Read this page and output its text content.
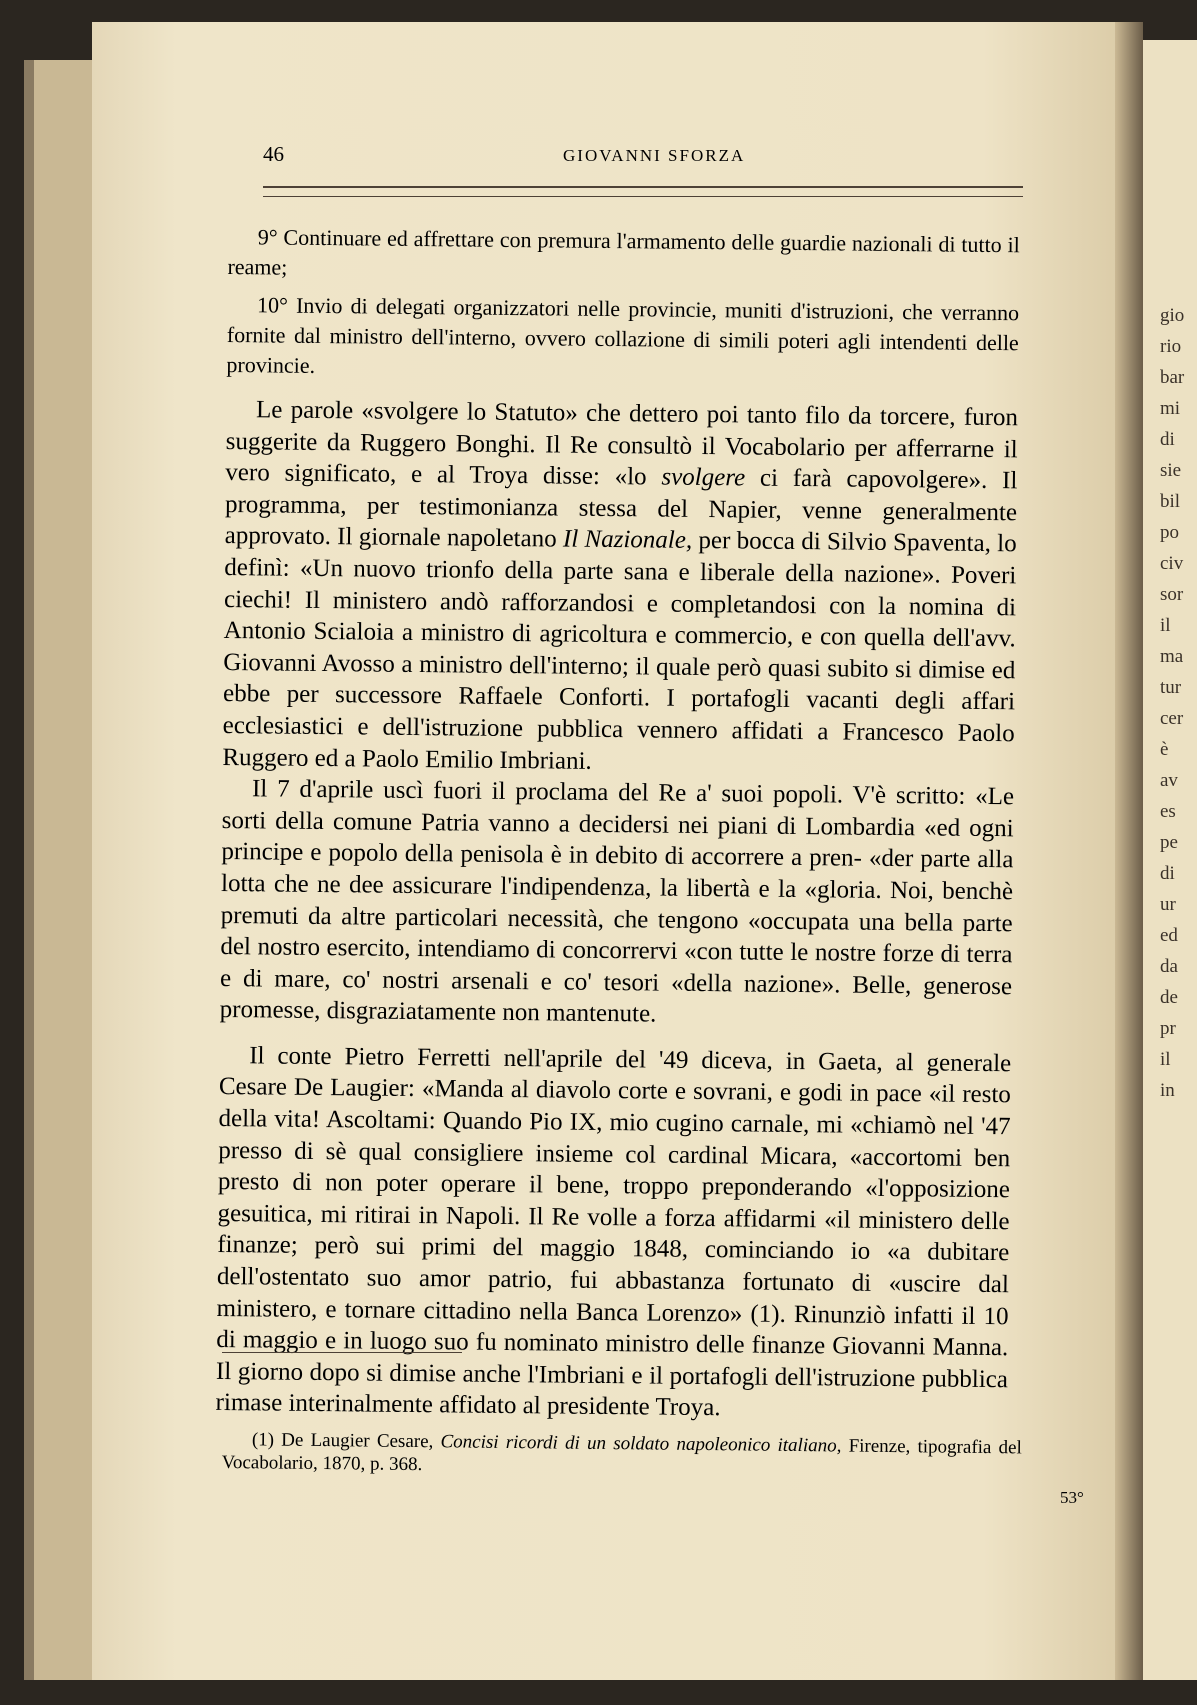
46	GIOVANNI SFORZA

9° Continuare ed affrettare con premura l'armamento delle guardie nazionali di tutto il reame;

10° Invio di delegati organizzatori nelle provincie, muniti d'istruzioni, che verranno fornite dal ministro dell'interno, ovvero collazione di simili poteri agli intendenti delle provincie.

Le parole «svolgere lo Statuto» che dettero poi tanto filo da torcere, furon suggerite da Ruggero Bonghi. Il Re consultò il Vocabolario per afferrarne il vero significato, e al Troya disse: «lo svolgere ci farà capovolgere». Il programma, per testimonianza stessa del Napier, venne generalmente approvato. Il giornale napoletano Il Nazionale, per bocca di Silvio Spaventa, lo definì: «Un nuovo trionfo della parte sana e liberale della nazione». Poveri ciechi! Il ministero andò rafforzandosi e completandosi con la nomina di Antonio Scialoia a ministro di agricoltura e commercio, e con quella dell'avv. Giovanni Avosso a ministro dell'interno; il quale però quasi subito si dimise ed ebbe per successore Raffaele Conforti. I portafogli vacanti degli affari ecclesiastici e dell'istruzione pubblica vennero affidati a Francesco Paolo Ruggero ed a Paolo Emilio Imbriani.

Il 7 d'aprile uscì fuori il proclama del Re a' suoi popoli. V'è scritto: «Le sorti della comune Patria vanno a decidersi nei piani di Lombardia «ed ogni principe e popolo della penisola è in debito di accorrere a pren- «der parte alla lotta che ne dee assicurare l'indipendenza, la libertà e la «gloria. Noi, benchè premuti da altre particolari necessità, che tengono «occupata una bella parte del nostro esercito, intendiamo di concorrervi «con tutte le nostre forze di terra e di mare, co' nostri arsenali e co' tesori «della nazione». Belle, generose promesse, disgraziatamente non mantenute.

Il conte Pietro Ferretti nell'aprile del '49 diceva, in Gaeta, al generale Cesare De Laugier: «Manda al diavolo corte e sovrani, e godi in pace «il resto della vita! Ascoltami: Quando Pio IX, mio cugino carnale, mi «chiamò nel '47 presso di sè qual consigliere insieme col cardinal Micara, «accortomi ben presto di non poter operare il bene, troppo preponderando «l'opposizione gesuitica, mi ritirai in Napoli. Il Re volle a forza affidarmi «il ministero delle finanze; però sui primi del maggio 1848, cominciando io «a dubitare dell'ostentato suo amor patrio, fui abbastanza fortunato di «uscire dal ministero, e tornare cittadino nella Banca Lorenzo» (1). Rinunziò infatti il 10 di maggio e in luogo suo fu nominato ministro delle finanze Giovanni Manna. Il giorno dopo si dimise anche l'Imbriani e il portafogli dell'istruzione pubblica rimase interinalmente affidato al presidente Troya.

(1) De Laugier Cesare, Concisi ricordi di un soldato napoleonico italiano, Firenze, tipografia del Vocabolario, 1870, p. 368.

53°
gio
rio
bar
mi
di
sie
bil
po
civ
sor
il
ma
tur
cer
è
av
es
pe
di
ur
ed
da
de
pr
il
in
